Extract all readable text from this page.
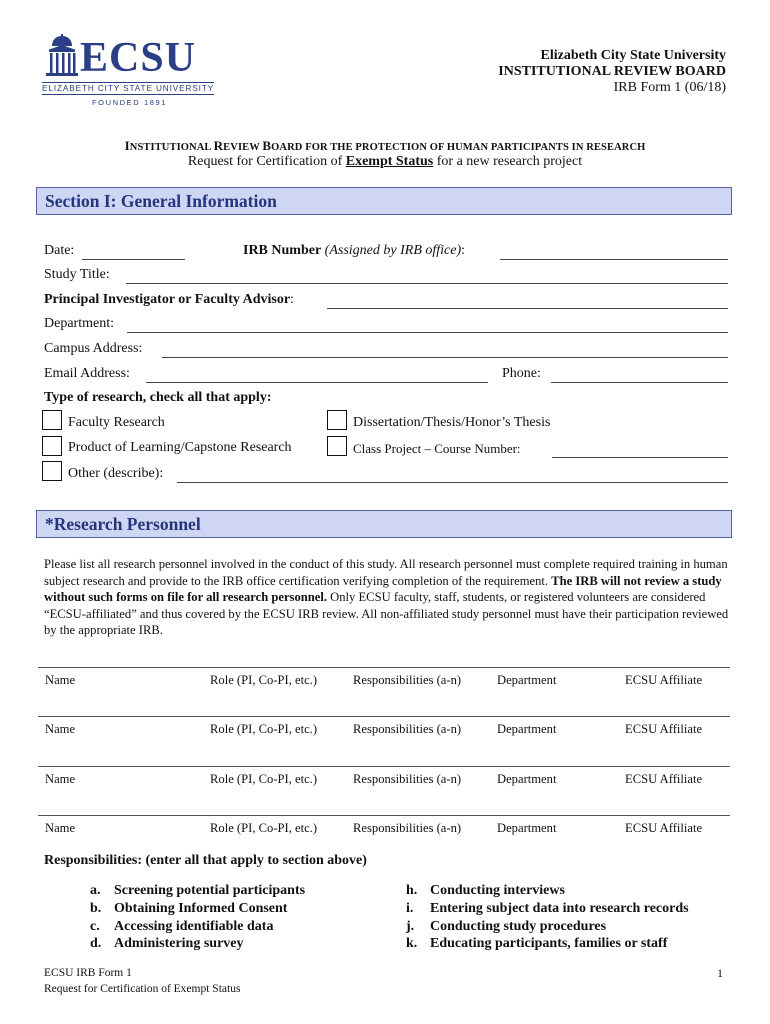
ECSU
ELIZABETH CITY STATE UNIVERSITY
FOUNDED 1891
Elizabeth City State University
INSTITUTIONAL REVIEW BOARD
IRB Form 1 (06/18)
INSTITUTIONAL REVIEW BOARD FOR THE PROTECTION OF HUMAN PARTICIPANTS IN RESEARCH
Request for Certification of Exempt Status for a new research project
Section I: General Information
Date:	IRB Number (Assigned by IRB office):
Study Title:
Principal Investigator or Faculty Advisor:
Department:
Campus Address:
Email Address:	Phone:
Type of research, check all that apply:
Faculty Research	Dissertation/Thesis/Honor’s Thesis
Product of Learning/Capstone Research	Class Project – Course Number:
Other (describe):
*Research Personnel
Please list all research personnel involved in the conduct of this study. All research personnel must complete required training in human subject research and provide to the IRB office certification verifying completion of the requirement. The IRB will not review a study without such forms on file for all research personnel. Only ECSU faculty, staff, students, or registered volunteers are considered “ECSU-affiliated” and thus covered by the ECSU IRB review. All non-affiliated study personnel must have their participation reviewed by the appropriate IRB.
Name	Role (PI, Co-PI, etc.)	Responsibilities (a-n)	Department	ECSU Affiliate
Name	Role (PI, Co-PI, etc.)	Responsibilities (a-n)	Department	ECSU Affiliate
Name	Role (PI, Co-PI, etc.)	Responsibilities (a-n)	Department	ECSU Affiliate
Name	Role (PI, Co-PI, etc.)	Responsibilities (a-n)	Department	ECSU Affiliate
Responsibilities: (enter all that apply to section above)
a. Screening potential participants
b. Obtaining Informed Consent
c. Accessing identifiable data
d. Administering survey
h. Conducting interviews
i. Entering subject data into research records
j. Conducting study procedures
k. Educating participants, families or staff
ECSU IRB Form 1
Request for Certification of Exempt Status
1
